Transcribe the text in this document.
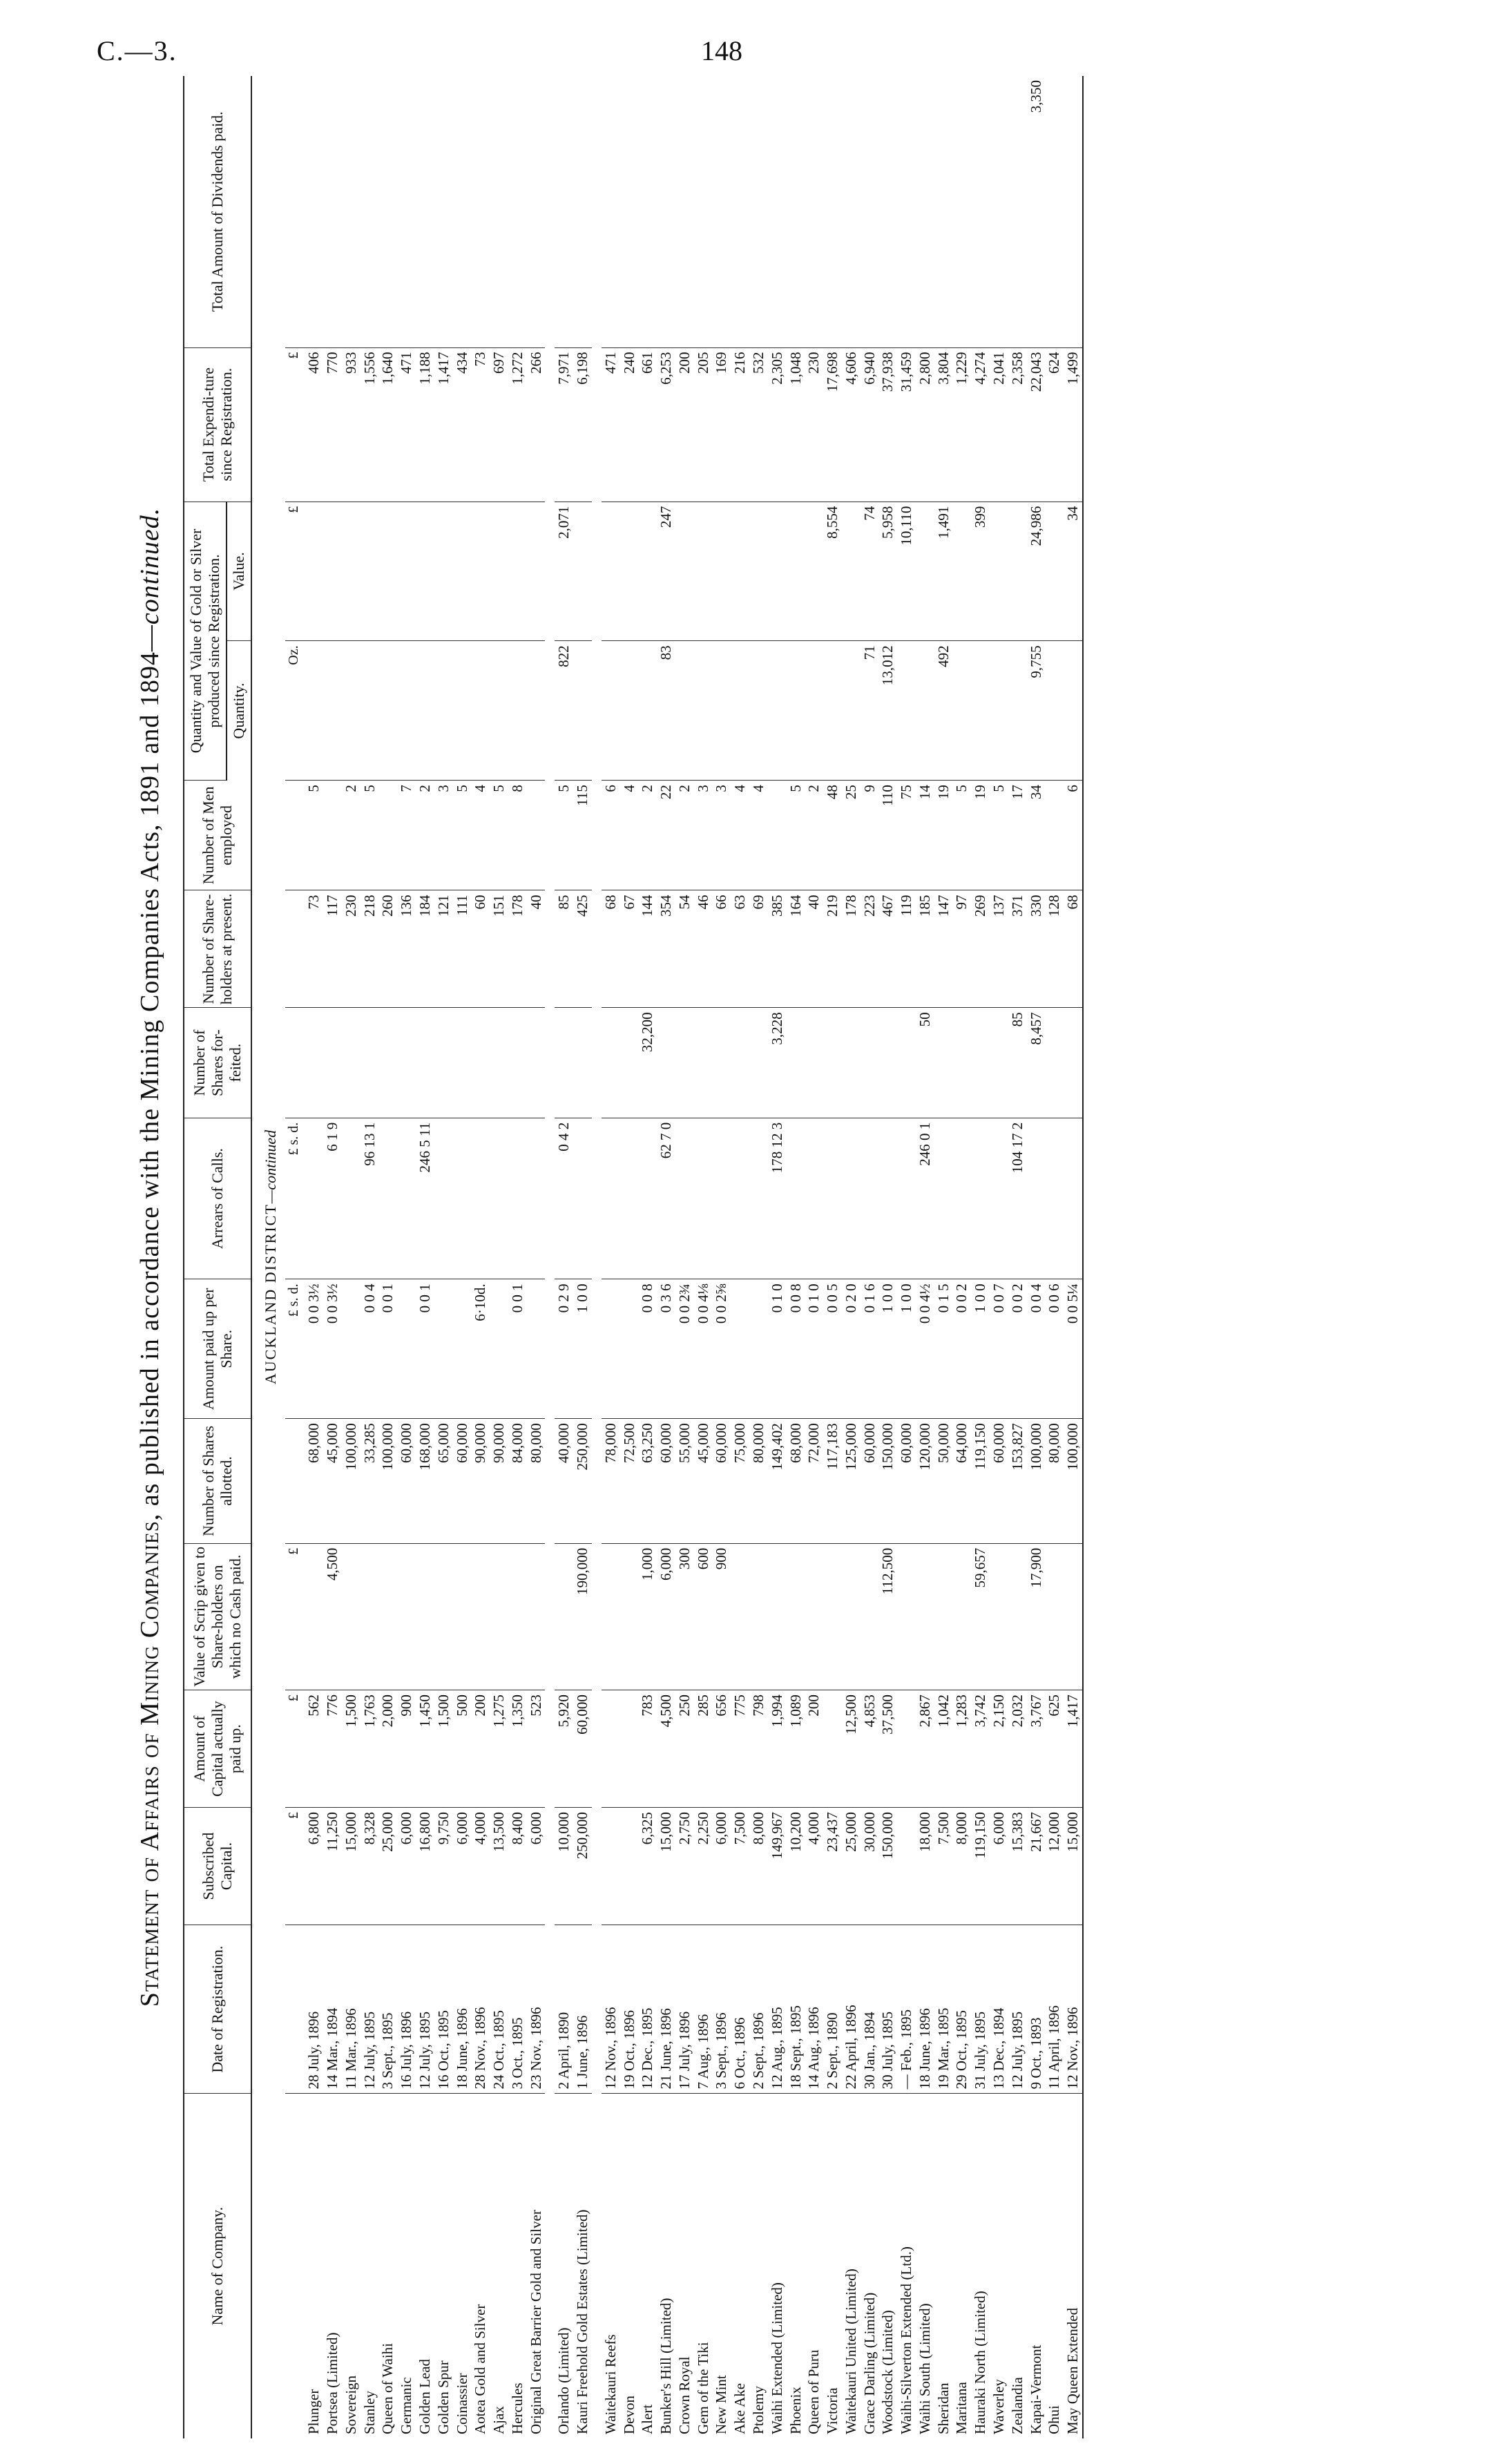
C.—3.	148
Statement of Affairs of Mining Companies, as published in accordance with the Mining Companies Acts, 1891 and 1894—continued.
Name of Company.	Date of Registration.	Subscribed Capital.	Amount of Capital actually paid up.	Value of Scrip given to Share-holders on which no Cash paid.	Number of Shares allotted.	Amount paid up per Share.	Arrears of Calls.	Number of Shares for-feited.	Number of Share-holders at present.	Number of Men employed	Quantity and Value of Gold or Silver produced since Registration.		Total Expendi-ture since Registration.	Total Amount of Dividends paid.
											Quantity.	Value.		
AUCKLAND DISTRICT—continued														
		£	£	£		£ s. d.	£ s. d.				Oz.	£	£	
Plunger	28 July, 1896	6,800	562		68,000	0 0 3½			73	5			406	
Portsea (Limited)	14 Mar., 1894	11,250	776	4,500	45,000	0 0 3½	6 1 9		117				770	
Sovereign	11 Mar., 1896	15,000	1,500		100,000				230	2			933	
Stanley	12 July, 1895	8,328	1,763		33,285	0 0 4	96 13 1		218	5			1,556	
Queen of Waihi	3 Sept., 1895	25,000	2,000		100,000	0 0 1			260				1,640	
Germanic	16 July, 1896	6,000	900		60,000				136	7			471	
Golden Lead	12 July, 1895	16,800	1,450		168,000	0 0 1	246 5 11		184	2			1,188	
Golden Spur	16 Oct., 1895	9,750	1,500		65,000				121	3			1,417	
Coinassier	18 June, 1896	6,000	500		60,000				111	5			434	
Aotea Gold and Silver	28 Nov., 1896	4,000	200		90,000	6·10d.			60	4			73	
Ajax	24 Oct., 1895	13,500	1,275		90,000				151	5			697	
Hercules	3 Oct., 1895	8,400	1,350		84,000	0 0 1			178	8			1,272	
Original Great Barrier Gold and Silver	23 Nov., 1896	6,000	523		80,000				40				266	

Orlando (Limited)	2 April, 1890	10,000	5,920		40,000	0 2 9	0 4 2		85	5	822	2,071	7,971	
Kauri Freehold Gold Estates (Limited)	1 June, 1896	250,000	60,000	190,000	250,000	1 0 0			425	115			6,198	

Waitekauri Reefs	12 Nov., 1896				78,000				68	6			471	
Devon	19 Oct., 1896				72,500				67	4			240	
Alert	12 Dec., 1895	6,325	783	1,000	63,250	0 0 8		32,200	144	2			661	
Bunker's Hill (Limited)	21 June, 1896	15,000	4,500	6,000	60,000	0 3 6	62 7 0		354	22	83	247	6,253	
Crown Royal	17 July, 1896	2,750	250	300	55,000	0 0 2¾			54	2			200	
Gem of the Tiki	7 Aug., 1896	2,250	285	600	45,000	0 0 4⅛			46	3			205	
New Mint	3 Sept., 1896	6,000	656	900	60,000	0 0 2⅝			66	3			169	
Ake Ake	6 Oct., 1896	7,500	775		75,000				63	4			216	
Ptolemy	2 Sept., 1896	8,000	798		80,000				69	4			532	
Waihi Extended (Limited)	12 Aug., 1895	149,967	1,994		149,402	0 1 0	178 12 3	3,228	385				2,305	
Phoenix	18 Sept., 1895	10,200	1,089		68,000	0 0 8			164	5			1,048	
Queen of Puru	14 Aug., 1896	4,000	200		72,000	0 1 0			40	2			230	
Victoria	2 Sept., 1890	23,437			117,183	0 0 5			219	48		8,554	17,698	
Waitekauri United (Limited)	22 April, 1896	25,000	12,500		125,000	0 2 0			178	25			4,606	
Grace Darling (Limited)	30 Jan., 1894	30,000	4,853		60,000	0 1 6			223	9	71	74	6,940	
Woodstock (Limited)	30 July, 1895	150,000	37,500	112,500	150,000	1 0 0			467	110	13,012	5,958	37,938	
Waihi-Silverton Extended (Ltd.)	— Feb., 1895				60,000	1 0 0			119	75		10,110	31,459	
Waihi South (Limited)	18 June, 1896	18,000	2,867		120,000	0 0 4½	246 0 1	50	185	14			2,800	
Sheridan	19 Mar., 1895	7,500	1,042		50,000	0 1 5			147	19	492	1,491	3,804	
Maritana	29 Oct., 1895	8,000	1,283		64,000	0 0 2			97	5			1,229	
Hauraki North (Limited)	31 July, 1895	119,150	3,742	59,657	119,150	1 0 0			269	19		399	4,274	
Waverley	13 Dec., 1894	6,000	2,150		60,000	0 0 7			137	5			2,041	
Zealandia	12 July, 1895	15,383	2,032		153,827	0 0 2	104 17 2	85	371	17			2,358	
Kapai-Vermont	9 Oct., 1893	21,667	3,767	17,900	100,000	0 0 4		8,457	330	34	9,755	24,986	22,043	3,350
Ohui	11 April, 1896	12,000	625		80,000	0 0 6			128				624	
May Queen Extended	12 Nov., 1896	15,000	1,417		100,000	0 0 5¼			68	6		34	1,499	
